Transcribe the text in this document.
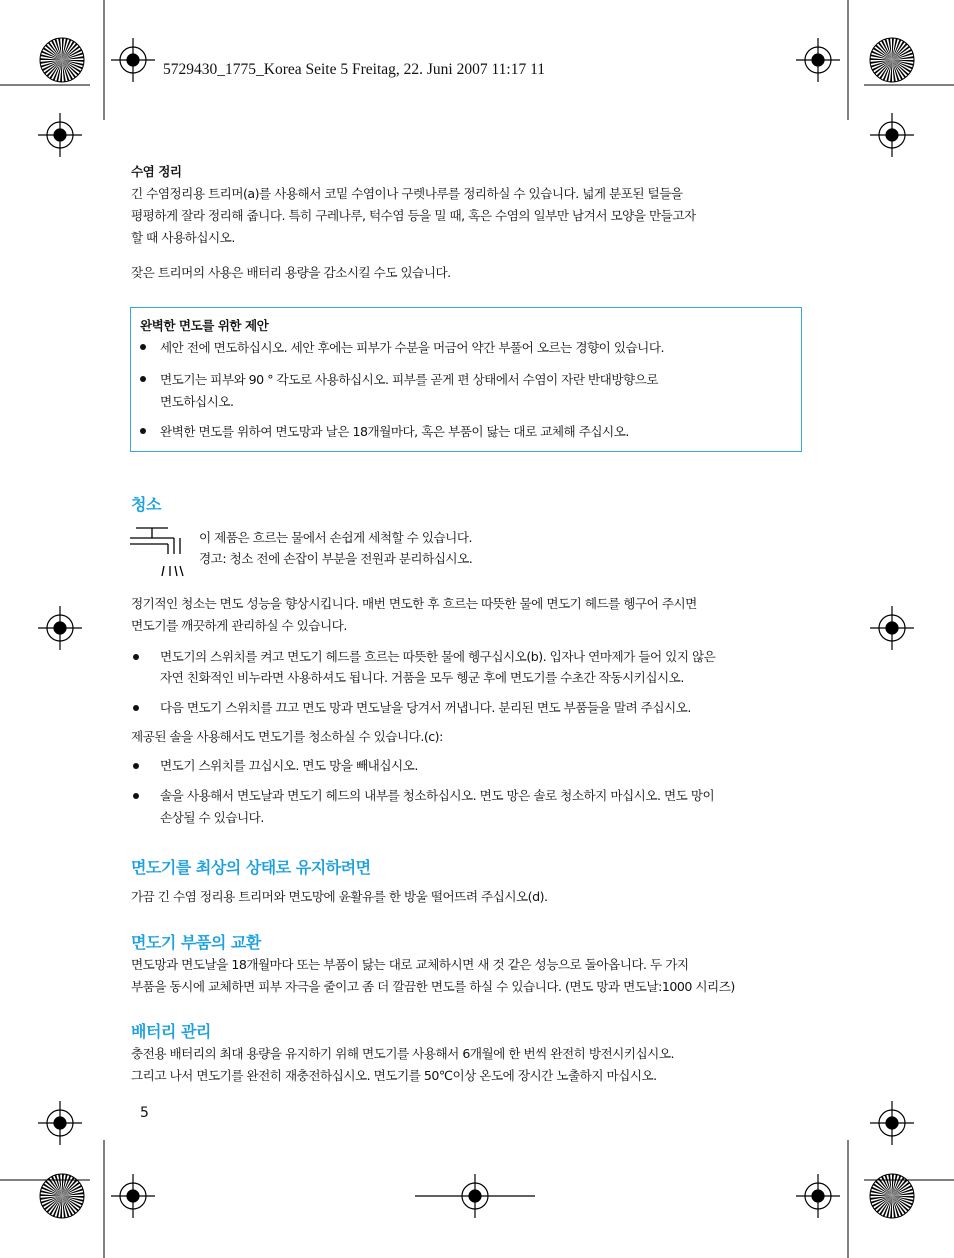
5729430_1775_Korea Seite 5 Freitag, 22. Juni 2007 11:17 11
수염 정리
긴 수염정리용 트리머(a)를 사용해서 코밑 수염이나 구렛나루를 정리하실 수 있습니다. 넓게 분포된 털들을
평평하게 잘라 정리해 줍니다. 특히 구레나루, 턱수염 등을 밀 때, 혹은 수염의 일부만 남겨서 모양을 만들고자
할 때 사용하십시오.
잦은 트리머의 사용은 배터리 용량을 감소시킬 수도 있습니다.
완벽한 면도를 위한 제안
세안 전에 면도하십시오. 세안 후에는 피부가 수분을 머금어 약간 부풀어 오르는 경향이 있습니다.
면도기는 피부와 90 ° 각도로 사용하십시오. 피부를 곧게 편 상태에서 수염이 자란 반대방향으로
면도하십시오.
완벽한 면도를 위하여 면도망과 날은 18개월마다, 혹은 부품이 닳는 대로 교체해 주십시오.
청소
이 제품은 흐르는 물에서 손쉽게 세척할 수 있습니다.
경고: 청소 전에 손잡이 부분을 전원과 분리하십시오.
정기적인 청소는 면도 성능을 향상시킵니다. 매번 면도한 후 흐르는 따뜻한 물에 면도기 헤드를 헹구어 주시면
면도기를 깨끗하게 관리하실 수 있습니다.
면도기의 스위치를 켜고 면도기 헤드를 흐르는 따뜻한 물에 헹구십시오(b). 입자나 연마제가 들어 있지 않은
자연 친화적인 비누라면 사용하셔도 됩니다. 거품을 모두 헹군 후에 면도기를 수초간 작동시키십시오.
다음 면도기 스위치를 끄고 면도 망과 면도날을 당겨서 꺼냅니다. 분리된 면도 부품들을 말려 주십시오.
제공된 솔을 사용해서도 면도기를 청소하실 수 있습니다.(c):
면도기 스위치를 끄십시오. 면도 망을 빼내십시오.
솔을 사용해서 면도날과 면도기 헤드의 내부를 청소하십시오. 면도 망은 솔로 청소하지 마십시오. 면도 망이
손상될 수 있습니다.
면도기를 최상의 상태로 유지하려면
가끔 긴 수염 정리용 트리머와 면도망에 윤활유를 한 방울 떨어뜨려 주십시오(d).
면도기 부품의 교환
면도망과 면도날을 18개월마다 또는 부품이 닳는 대로 교체하시면 새 것 같은 성능으로 돌아옵니다. 두 가지
부품을 동시에 교체하면 피부 자극을 줄이고 좀 더 깔끔한 면도를 하실 수 있습니다. (면도 망과 면도날:1000 시리즈)
배터리 관리
충전용 배터리의 최대 용량을 유지하기 위해 면도기를 사용해서 6개월에 한 번씩 완전히 방전시키십시오.
그리고 나서 면도기를 완전히 재충전하십시오. 면도기를 50℃이상 온도에 장시간 노출하지 마십시오.
5
